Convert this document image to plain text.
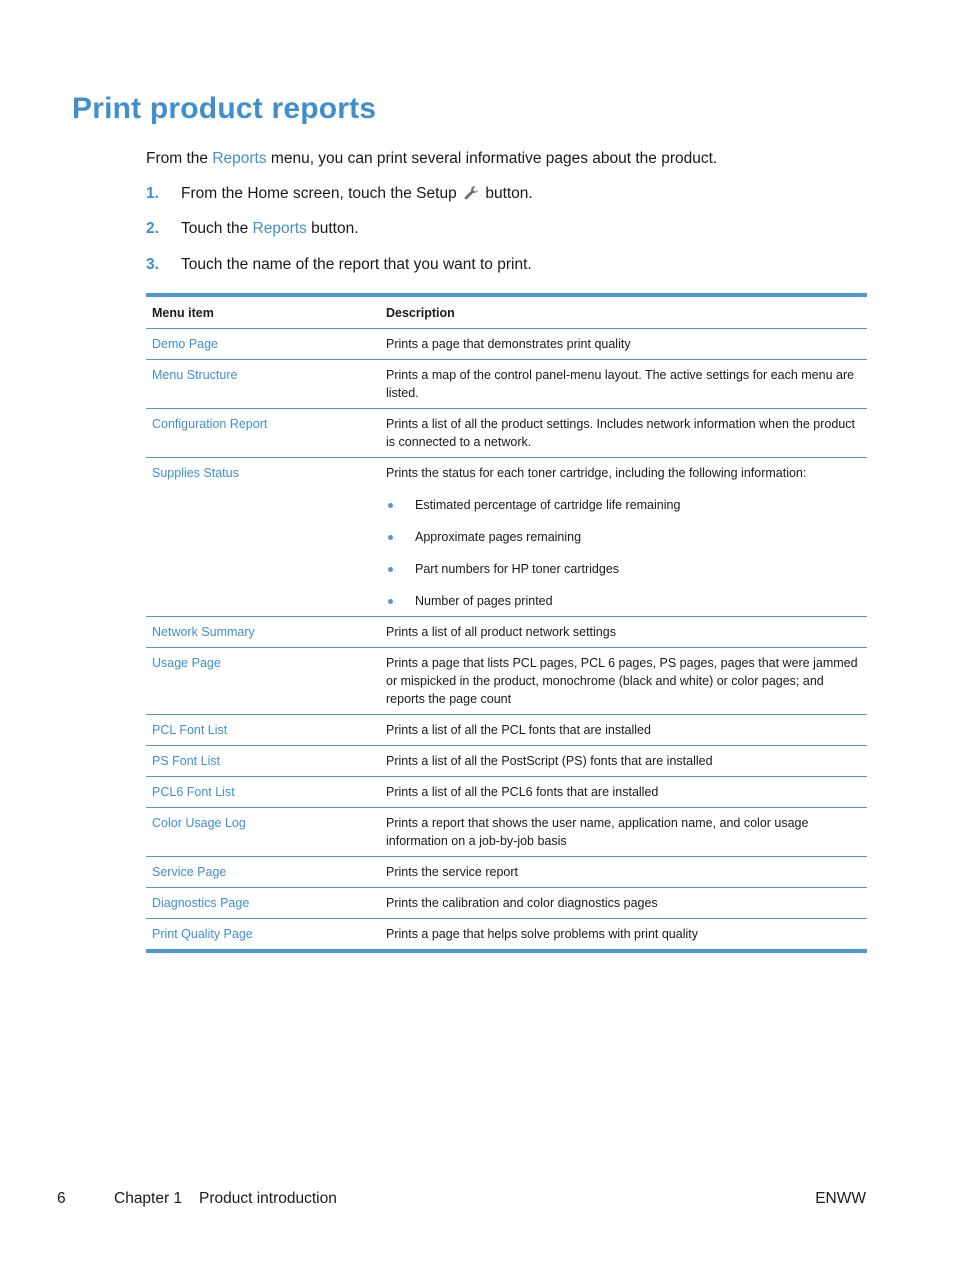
Print product reports

From the Reports menu, you can print several informative pages about the product.

1. From the Home screen, touch the Setup button.
2. Touch the Reports button.
3. Touch the name of the report that you want to print.
Menu item	Description
Demo Page	Prints a page that demonstrates print quality
Menu Structure	Prints a map of the control panel-menu layout. The active settings for each menu are listed.
Configuration Report	Prints a list of all the product settings. Includes network information when the product is connected to a network.
Supplies Status	Prints the status for each toner cartridge, including the following information:
Estimated percentage of cartridge life remaining
Approximate pages remaining
Part numbers for HP toner cartridges
Number of pages printed
Network Summary	Prints a list of all product network settings
Usage Page	Prints a page that lists PCL pages, PCL 6 pages, PS pages, pages that were jammed or mispicked in the product, monochrome (black and white) or color pages; and reports the page count
PCL Font List	Prints a list of all the PCL fonts that are installed
PS Font List	Prints a list of all the PostScript (PS) fonts that are installed
PCL6 Font List	Prints a list of all the PCL6 fonts that are installed
Color Usage Log	Prints a report that shows the user name, application name, and color usage information on a job-by-job basis
Service Page	Prints the service report
Diagnostics Page	Prints the calibration and color diagnostics pages
Print Quality Page	Prints a page that helps solve problems with print quality
6	Chapter 1 Product introduction	ENWW
